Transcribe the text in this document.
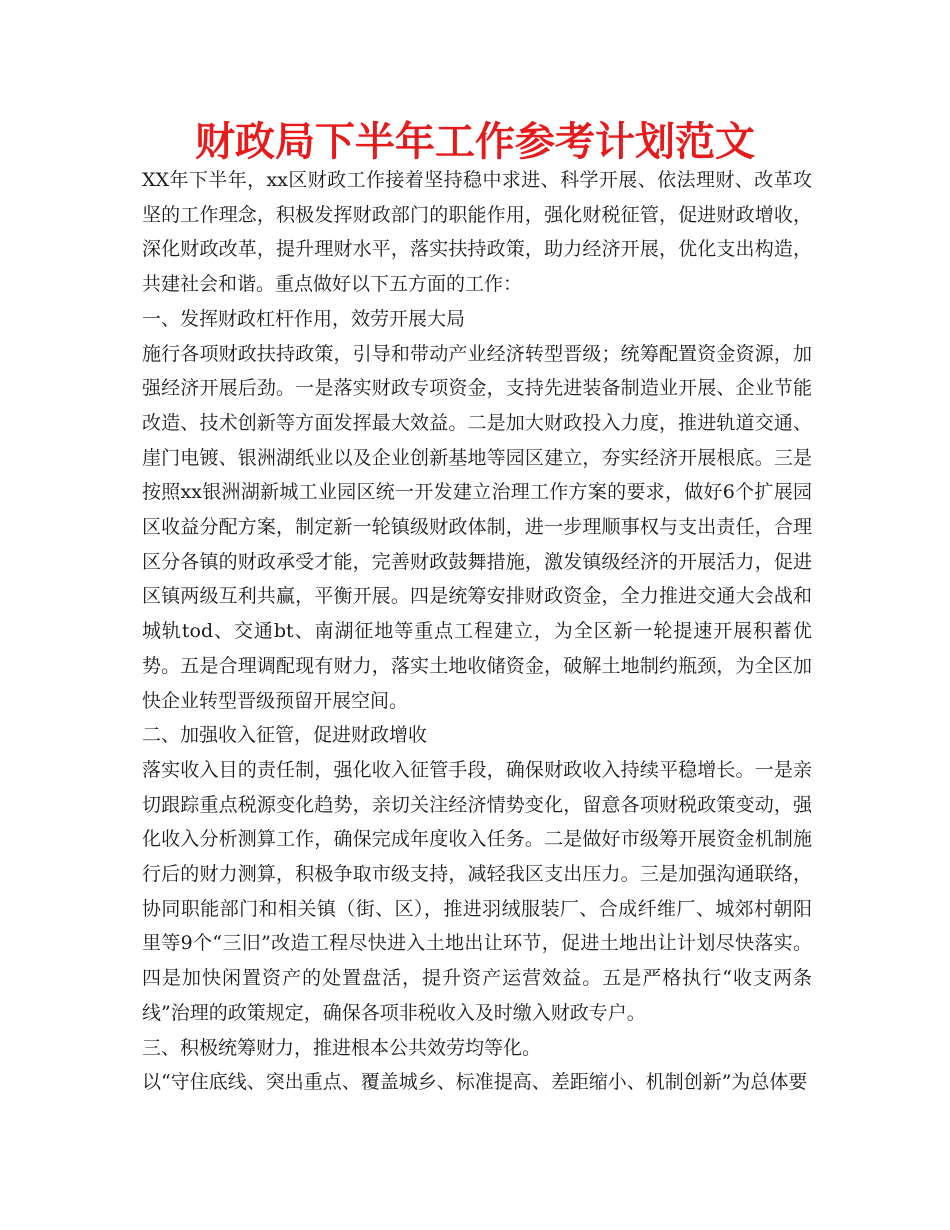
财政局下半年工作参考计划范文

XX年下半年，xx区财政工作接着坚持稳中求进、科学开展、依法理财、改革攻坚的工作理念，积极发挥财政部门的职能作用，强化财税征管，促进财政增收，深化财政改革，提升理财水平，落实扶持政策，助力经济开展，优化支出构造，共建社会和谐。重点做好以下五方面的工作：

一、发挥财政杠杆作用，效劳开展大局

施行各项财政扶持政策，引导和带动产业经济转型晋级；统筹配置资金资源，加强经济开展后劲。一是落实财政专项资金，支持先进装备制造业开展、企业节能改造、技术创新等方面发挥最大效益。二是加大财政投入力度，推进轨道交通、崖门电镀、银洲湖纸业以及企业创新基地等园区建立，夯实经济开展根底。三是按照xx银洲湖新城工业园区统一开发建立治理工作方案的要求，做好6个扩展园区收益分配方案，制定新一轮镇级财政体制，进一步理顺事权与支出责任，合理区分各镇的财政承受才能，完善财政鼓舞措施，激发镇级经济的开展活力，促进区镇两级互利共赢，平衡开展。四是统筹安排财政资金，全力推进交通大会战和城轨tod、交通bt、南湖征地等重点工程建立，为全区新一轮提速开展积蓄优势。五是合理调配现有财力，落实土地收储资金，破解土地制约瓶颈，为全区加快企业转型晋级预留开展空间。

二、加强收入征管，促进财政增收

落实收入目的责任制，强化收入征管手段，确保财政收入持续平稳增长。一是亲切跟踪重点税源变化趋势，亲切关注经济情势变化，留意各项财税政策变动，强化收入分析测算工作，确保完成年度收入任务。二是做好市级筹开展资金机制施行后的财力测算，积极争取市级支持，减轻我区支出压力。三是加强沟通联络，协同职能部门和相关镇（街、区），推进羽绒服装厂、合成纤维厂、城郊村朝阳里等9个“三旧”改造工程尽快进入土地出让环节，促进土地出让计划尽快落实。四是加快闲置资产的处置盘活，提升资产运营效益。五是严格执行“收支两条线”治理的政策规定，确保各项非税收入及时缴入财政专户。

三、积极统筹财力，推进根本公共效劳均等化。

以“守住底线、突出重点、覆盖城乡、标准提高、差距缩小、机制创新”为总体要
